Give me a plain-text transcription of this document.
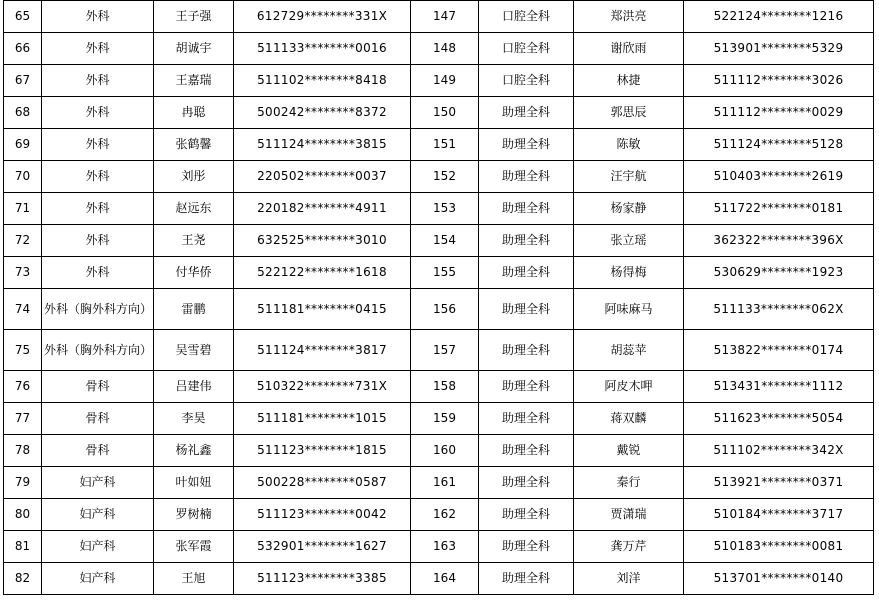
65	外科	王子强	612729********331X	147	口腔全科	郑洪亮	522124********1216
66	外科	胡诚宇	511133********0016	148	口腔全科	谢欣雨	513901********5329
67	外科	王嘉瑞	511102********8418	149	口腔全科	林捷	511112********3026
68	外科	冉聪	500242********8372	150	助理全科	郭思辰	511112********0029
69	外科	张鹤馨	511124********3815	151	助理全科	陈敏	511124********5128
70	外科	刘彤	220502********0037	152	助理全科	汪宇航	510403********2619
71	外科	赵远东	220182********4911	153	助理全科	杨家静	511722********0181
72	外科	王尧	632525********3010	154	助理全科	张立瑶	362322********396X
73	外科	付华侨	522122********1618	155	助理全科	杨得梅	530629********1923
74	外科（胸外科方向）	雷鹏	511181********0415	156	助理全科	阿味麻马	511133********062X
75	外科（胸外科方向）	吴雪碧	511124********3817	157	助理全科	胡蕊苹	513822********0174
76	骨科	吕建伟	510322********731X	158	助理全科	阿皮木呷	513431********1112
77	骨科	李昊	511181********1015	159	助理全科	蒋双麟	511623********5054
78	骨科	杨礼鑫	511123********1815	160	助理全科	戴锐	511102********342X
79	妇产科	叶如妞	500228********0587	161	助理全科	秦行	513921********0371
80	妇产科	罗树楠	511123********0042	162	助理全科	贾潇瑞	510184********3717
81	妇产科	张军霞	532901********1627	163	助理全科	龚万芹	510183********0081
82	妇产科	王旭	511123********3385	164	助理全科	刘洋	513701********0140
